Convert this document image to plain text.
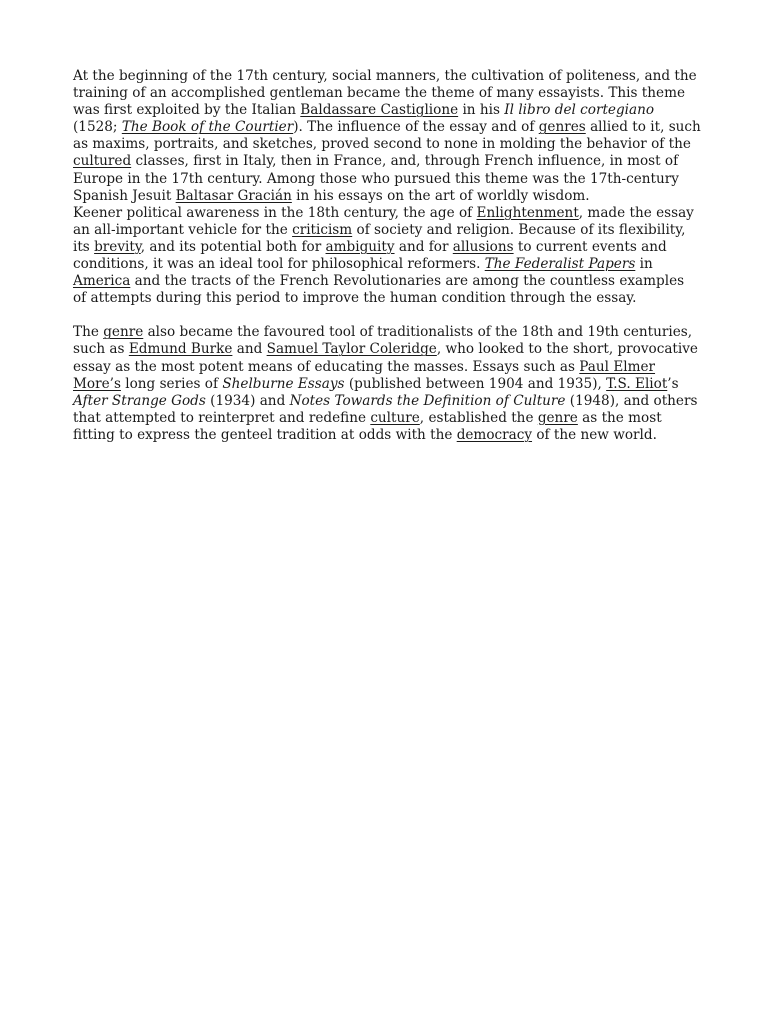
At the beginning of the 17th century, social manners, the cultivation of politeness, and the training of an accomplished gentleman became the theme of many essayists. This theme was first exploited by the Italian Baldassare Castiglione in his Il libro del cortegiano (1528; The Book of the Courtier). The influence of the essay and of genres allied to it, such as maxims, portraits, and sketches, proved second to none in molding the behavior of the cultured classes, first in Italy, then in France, and, through French influence, in most of Europe in the 17th century. Among those who pursued this theme was the 17th-century Spanish Jesuit Baltasar Gracián in his essays on the art of worldly wisdom.

Keener political awareness in the 18th century, the age of Enlightenment, made the essay an all-important vehicle for the criticism of society and religion. Because of its flexibility, its brevity, and its potential both for ambiguity and for allusions to current events and conditions, it was an ideal tool for philosophical reformers. The Federalist Papers in America and the tracts of the French Revolutionaries are among the countless examples of attempts during this period to improve the human condition through the essay.

The genre also became the favoured tool of traditionalists of the 18th and 19th centuries, such as Edmund Burke and Samuel Taylor Coleridge, who looked to the short, provocative essay as the most potent means of educating the masses. Essays such as Paul Elmer More’s long series of Shelburne Essays (published between 1904 and 1935), T.S. Eliot’s After Strange Gods (1934) and Notes Towards the Definition of Culture (1948), and others that attempted to reinterpret and redefine culture, established the genre as the most fitting to express the genteel tradition at odds with the democracy of the new world.
